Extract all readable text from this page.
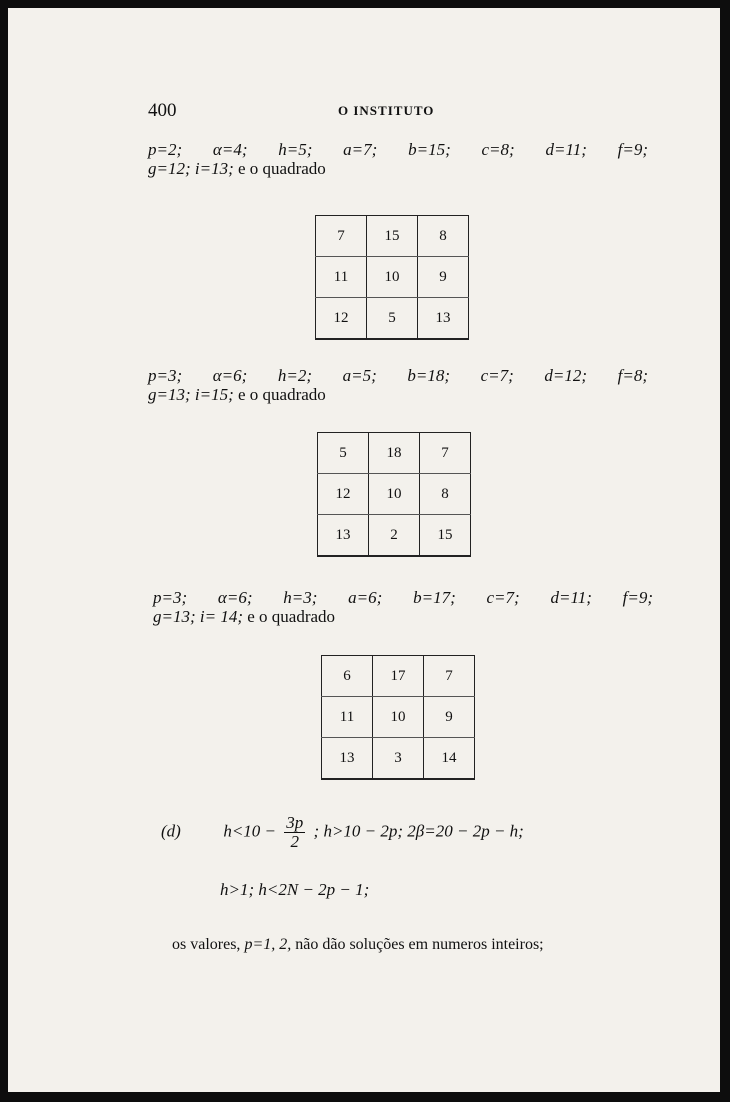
400	O INSTITUTO
p=2; α=4; h=5; a=7; b=15; c=8; d=11; f=9;
g=12; i=13; e o quadrado
7	15	8
11	10	9
12	5	13
p=3; α=6; h=2; a=5; b=18; c=7; d=12; f=8;
g=13; i=15; e o quadrado
5	18	7
12	10	8
13	2	15
p=3; α=6; h=3; a=6; b=17; c=7; d=11; f=9;
g=13; i= 14; e o quadrado
6	17	7
11	10	9
13	3	14
(d)	$h<10 - \frac{3p}{2}$ ; h>10 − 2p; 2β=20 − 2p − h;
h>1; h<2N − 2p − 1;
os valores, p=1, 2, não dão soluções em numeros inteiros;
